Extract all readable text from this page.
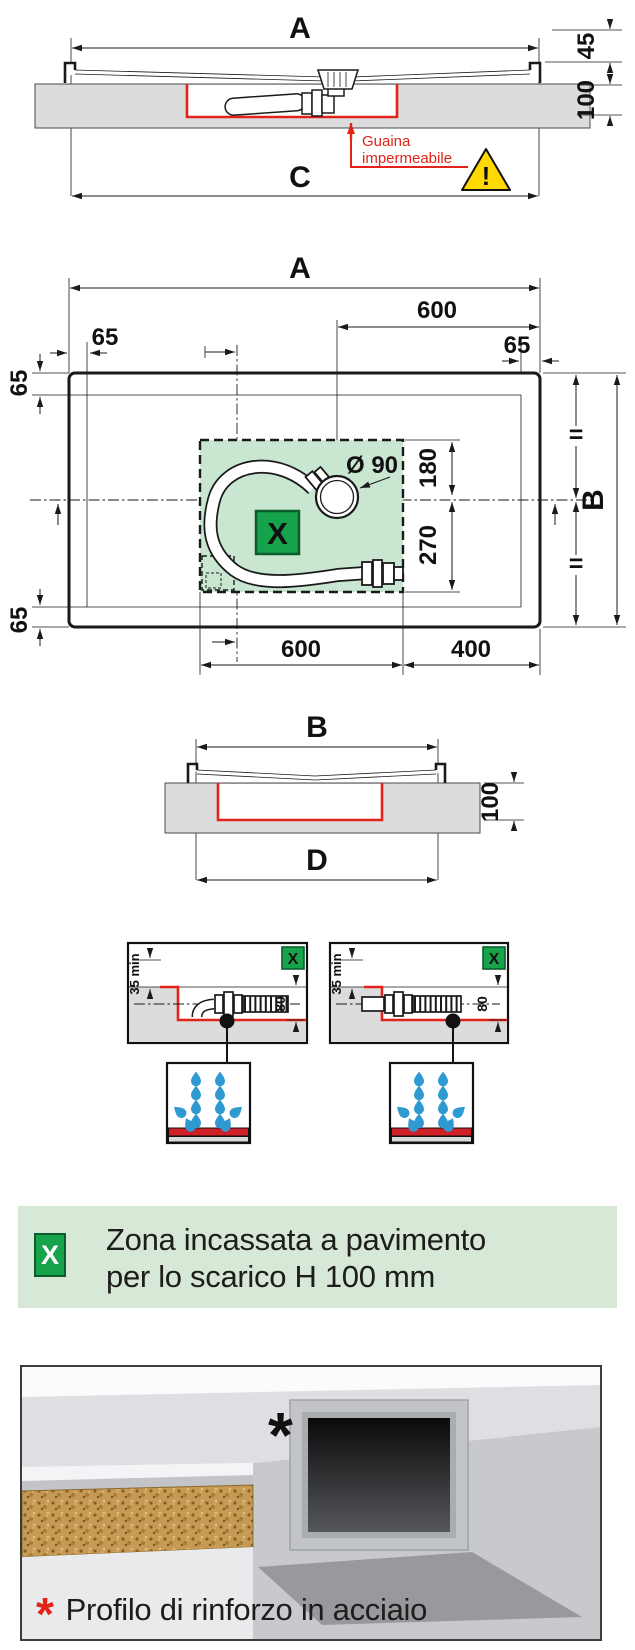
A
45
Guaina
impermeabile
!
100
C
A
600
65	65
65
65
X
Ø 90 180
270
=
=
B
600	400
B
100
D
35 min
80
X 35 min
80
X
X Zona incassata a pavimento
per lo scarico H 100 mm
*
* Profilo di rinforzo in acciaio
